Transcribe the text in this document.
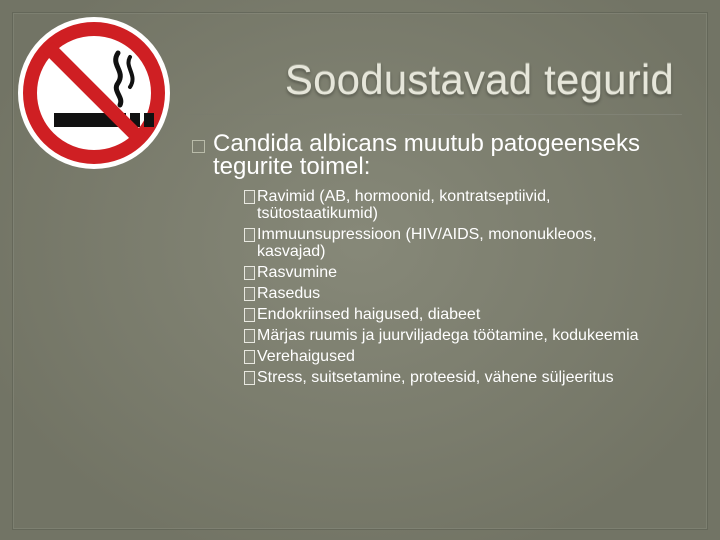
Soodustavad tegurid
Candida albicans muutub patogeenseks tegurite toimel:
Ravimid (AB, hormoonid, kontratseptiivid, tsütostaatikumid)
Immuunsupressioon (HIV/AIDS, mononukleoos, kasvajad)
Rasvumine
Rasedus
Endokriinsed haigused, diabeet
Märjas ruumis ja juurviljadega töötamine, kodukeemia
Verehaigused
Stress, suitsetamine, proteesid, vähene süljeeritus
